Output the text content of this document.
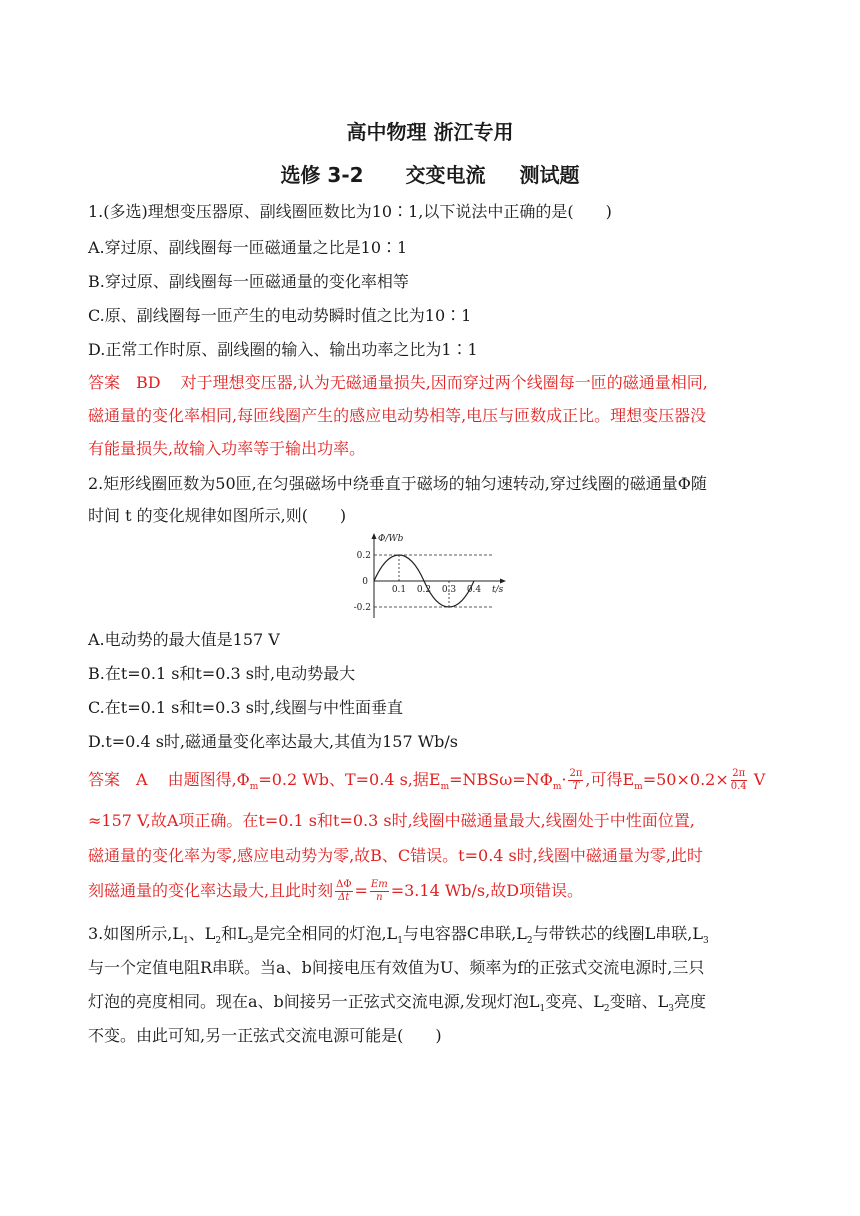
高中物理 浙江专用
选修 3-2 交变电流 测试题
1.(多选)理想变压器原、副线圈匝数比为10∶1,以下说法中正确的是(　　)
A.穿过原、副线圈每一匝磁通量之比是10∶1
B.穿过原、副线圈每一匝磁通量的变化率相等
C.原、副线圈每一匝产生的电动势瞬时值之比为10∶1
D.正常工作时原、副线圈的输入、输出功率之比为1∶1
答案 BD 对于理想变压器,认为无磁通量损失,因而穿过两个线圈每一匝的磁通量相同,
磁通量的变化率相同,每匝线圈产生的感应电动势相等,电压与匝数成正比。理想变压器没
有能量损失,故输入功率等于输出功率。
2.矩形线圈匝数为50匝,在匀强磁场中绕垂直于磁场的轴匀速转动,穿过线圈的磁通量Φ随
时间 t 的变化规律如图所示,则(　　)
Φ/Wb
t/s
0
0.2
-0.2
0.1 0.2 0.3 0.4
A.电动势的最大值是157 V
B.在t=0.1 s和t=0.3 s时,电动势最大
C.在t=0.1 s和t=0.3 s时,线圈与中性面垂直
D.t=0.4 s时,磁通量变化率达最大,其值为157 Wb/s
答案 A 由题图得$,\Phi_m=0.2$ Wb、T=0.4 s,据$E_m=NBS\omega=N\Phi_m\cdot \frac{2\pi}{T}$ ,可得$E_m=50\times 0.2\times \frac{2\pi}{0.4}$ V
≈157 V,故A项正确。在t=0.1 s和t=0.3 s时,线圈中磁通量最大,线圈处于中性面位置,
磁通量的变化率为零,感应电动势为零,故B、C错误。t=0.4 s时,线圈中磁通量为零,此时
刻磁通量的变化率达最大,且此时刻 $\frac{\Delta\Phi}{\Delta t} = \frac{Em}{n} =3.14$ Wb/s,故D项错误。
3.如图所示$,L_1$、$L_2$和$L_3$是完全相同的灯泡$,L_1$与电容器C串联$,L_2$与带铁芯的线圈L串联$,L_3$
与一个定值电阻R串联。当a、b间接电压有效值为U、频率为f的正弦式交流电源时,三只
灯泡的亮度相同。现在a、b间接另一正弦式交流电源,发现灯泡$L_1$变亮、$L_2$变暗、$L_3$亮度
不变。由此可知,另一正弦式交流电源可能是(　　)
